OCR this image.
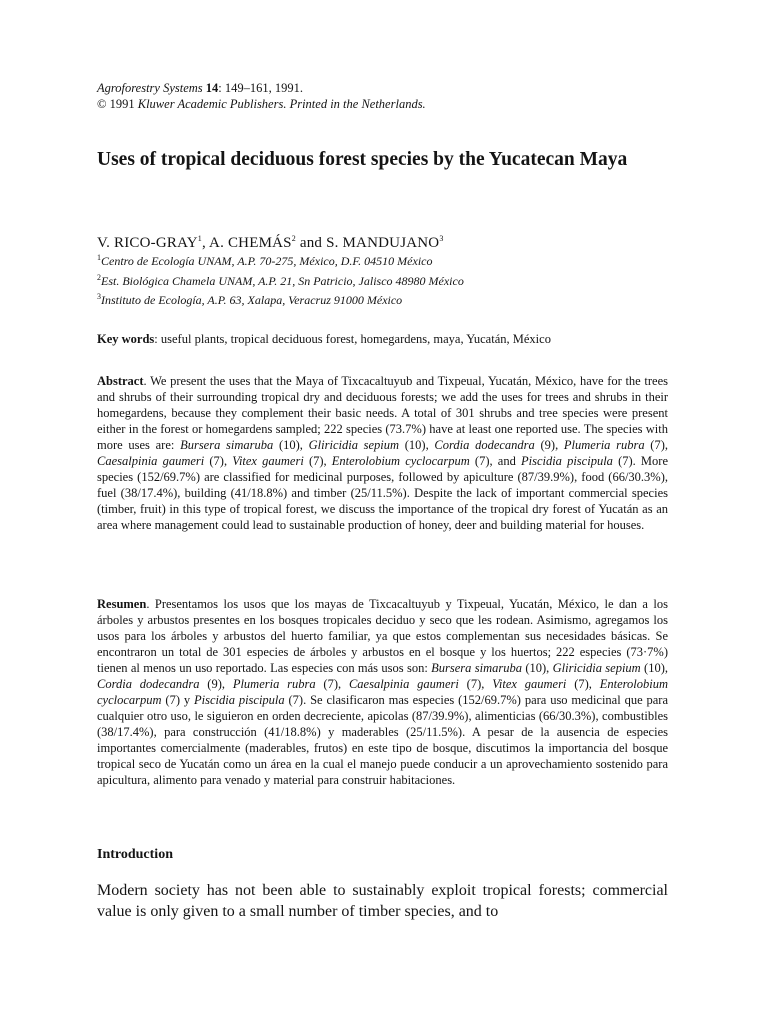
Agroforestry Systems 14: 149–161, 1991.
© 1991 Kluwer Academic Publishers. Printed in the Netherlands.
Uses of tropical deciduous forest species by the Yucatecan Maya
V. RICO-GRAY$^1$, A. CHEMÁS$^2$ and S. MANDUJANO$^3$
$^1$Centro de Ecología UNAM, A.P. 70-275, México, D.F. 04510 México
$^2$Est. Biológica Chamela UNAM, A.P. 21, Sn Patricio, Jalisco 48980 México
$^3$Instituto de Ecología, A.P. 63, Xalapa, Veracruz 91000 México
Key words: useful plants, tropical deciduous forest, homegardens, maya, Yucatán, México

Abstract. We present the uses that the Maya of Tixcacaltuyub and Tixpeual, Yucatán, México, have for the trees and shrubs of their surrounding tropical dry and deciduous forests; we add the uses for trees and shrubs in their homegardens, because they complement their basic needs. A total of 301 shrubs and tree species were present either in the forest or homegardens sampled; 222 species (73.7%) have at least one reported use. The species with more uses are: Bursera simaruba (10), Gliricidia sepium (10), Cordia dodecandra (9), Plumeria rubra (7), Caesalpinia gaumeri (7), Vitex gaumeri (7), Enterolobium cyclocarpum (7), and Piscidia piscipula (7). More species (152/69.7%) are classified for medicinal purposes, followed by apiculture (87/39.9%), food (66/30.3%), fuel (38/17.4%), building (41/18.8%) and timber (25/11.5%). Despite the lack of important commercial species (timber, fruit) in this type of tropical forest, we discuss the importance of the tropical dry forest of Yucatán as an area where management could lead to sustainable production of honey, deer and building material for houses.

Resumen. Presentamos los usos que los mayas de Tixcacaltuyub y Tixpeual, Yucatán, México, le dan a los árboles y arbustos presentes en los bosques tropicales deciduo y seco que les rodean. Asimismo, agregamos los usos para los árboles y arbustos del huerto familiar, ya que estos complementan sus necesidades básicas. Se encontraron un total de 301 especies de árboles y arbustos en el bosque y los huertos; 222 especies (73·7%) tienen al menos un uso reportado. Las especies con más usos son: Bursera simaruba (10), Gliricidia sepium (10), Cordia dodecandra (9), Plumeria rubra (7), Caesalpinia gaumeri (7), Vitex gaumeri (7), Enterolobium cyclocarpum (7) y Piscidia piscipula (7). Se clasificaron mas especies (152/69.7%) para uso medicinal que para cualquier otro uso, le siguieron en orden decreciente, apicolas (87/39.9%), alimenticias (66/30.3%), combustibles (38/17.4%), para construcción (41/18.8%) y maderables (25/11.5%). A pesar de la ausencia de especies importantes comercialmente (maderables, frutos) en este tipo de bosque, discutimos la importancia del bosque tropical seco de Yucatán como un área en la cual el manejo puede conducir a un aprovechamiento sostenido para apicultura, alimento para venado y material para construir habitaciones.

Introduction

Modern society has not been able to sustainably exploit tropical forests; commercial value is only given to a small number of timber species, and to
